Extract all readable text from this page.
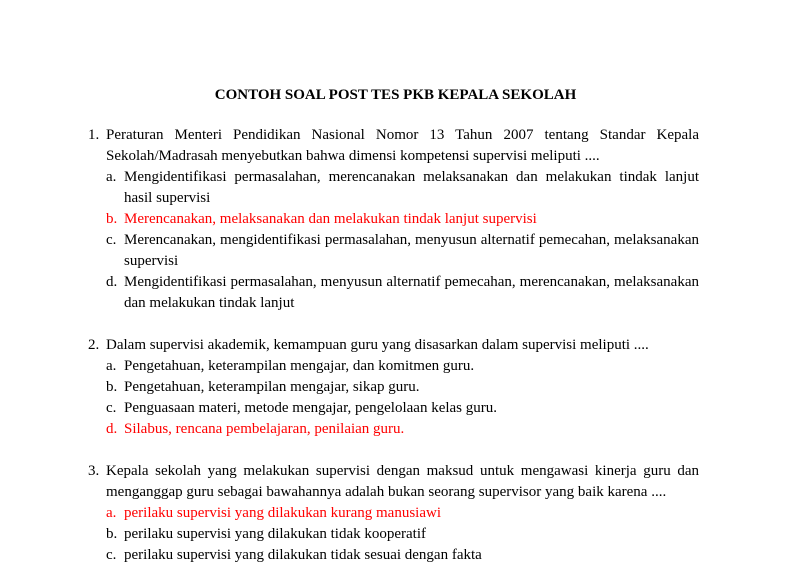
CONTOH SOAL POST TES PKB KEPALA SEKOLAH
1. Peraturan Menteri Pendidikan Nasional Nomor 13 Tahun 2007 tentang Standar Kepala Sekolah/Madrasah menyebutkan bahwa dimensi kompetensi supervisi meliputi ....
a. Mengidentifikasi permasalahan, merencanakan melaksanakan dan melakukan tindak lanjut hasil supervisi
b. Merencanakan, melaksanakan dan melakukan tindak lanjut supervisi
c. Merencanakan, mengidentifikasi permasalahan, menyusun alternatif pemecahan, melaksanakan supervisi
d. Mengidentifikasi permasalahan, menyusun alternatif pemecahan, merencanakan, melaksanakan dan melakukan tindak lanjut
2. Dalam supervisi akademik, kemampuan guru yang disasarkan dalam supervisi meliputi ....
a. Pengetahuan, keterampilan mengajar, dan komitmen guru.
b. Pengetahuan, keterampilan mengajar, sikap guru.
c. Penguasaan materi, metode mengajar, pengelolaan kelas guru.
d. Silabus, rencana pembelajaran, penilaian guru.
3. Kepala sekolah yang melakukan supervisi dengan maksud untuk mengawasi kinerja guru dan menganggap guru sebagai bawahannya adalah bukan seorang supervisor yang baik karena ....
a. perilaku supervisi yang dilakukan kurang manusiawi
b. perilaku supervisi yang dilakukan tidak kooperatif
c. perilaku supervisi yang dilakukan tidak sesuai dengan fakta
